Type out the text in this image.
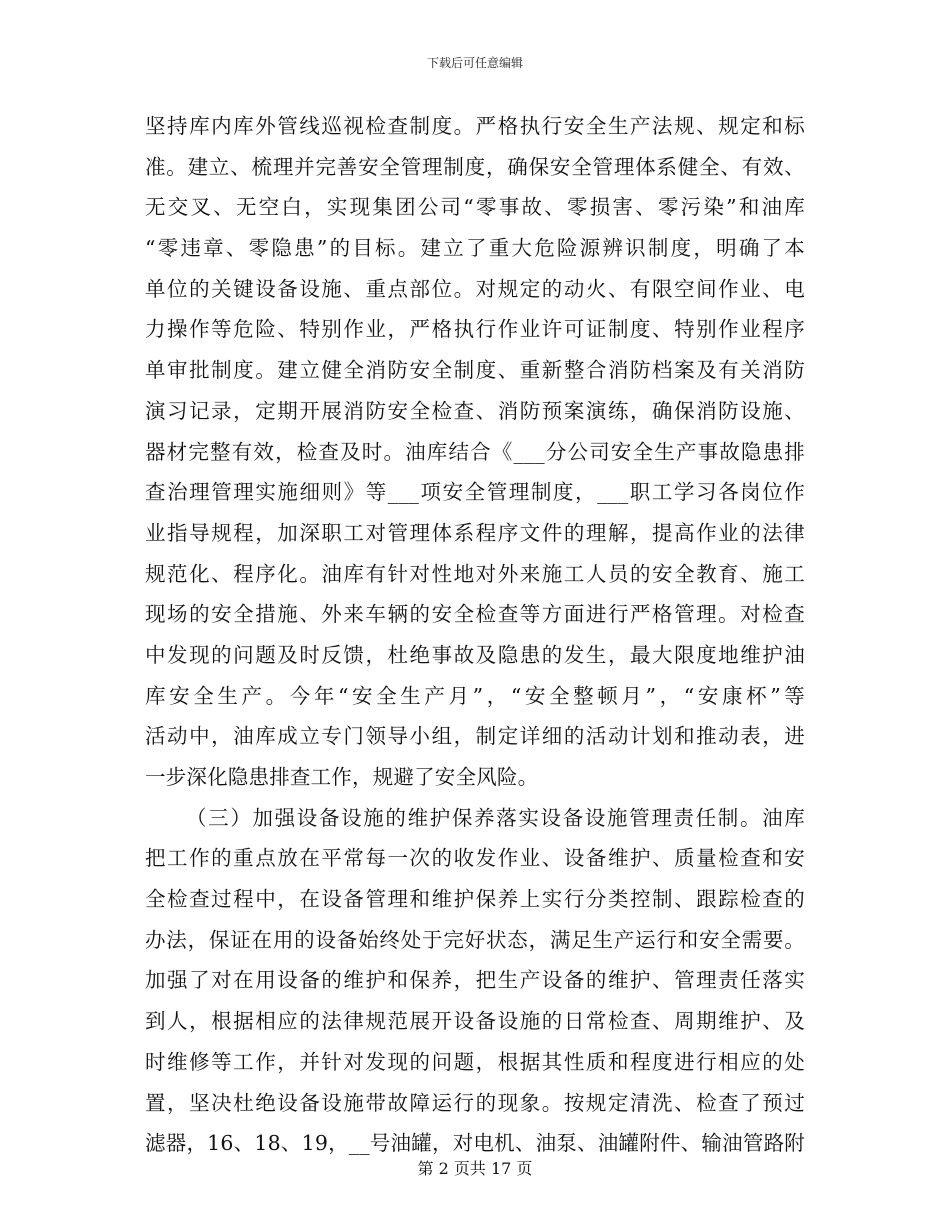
下载后可任意编辑
坚持库内库外管线巡视检查制度。严格执行安全生产法规、规定和标
准。建立、梳理并完善安全管理制度，确保安全管理体系健全、有效、
无交叉、无空白，实现集团公司“零事故、零损害、零污染”和油库
“零违章、零隐患”的目标。建立了重大危险源辨识制度，明确了本
单位的关键设备设施、重点部位。对规定的动火、有限空间作业、电
力操作等危险、特别作业，严格执行作业许可证制度、特别作业程序
单审批制度。建立健全消防安全制度、重新整合消防档案及有关消防
演习记录，定期开展消防安全检查、消防预案演练，确保消防设施、
器材完整有效，检查及时。油库结合《___分公司安全生产事故隐患排
查治理管理实施细则》等___项安全管理制度，___职工学习各岗位作
业指导规程，加深职工对管理体系程序文件的理解，提高作业的法律
规范化、程序化。油库有针对性地对外来施工人员的安全教育、施工
现场的安全措施、外来车辆的安全检查等方面进行严格管理。对检查
中发现的问题及时反馈，杜绝事故及隐患的发生，最大限度地维护油
库安全生产。今年“安全生产月”，“安全整顿月”，“安康杯”等
活动中，油库成立专门领导小组，制定详细的活动计划和推动表，进
一步深化隐患排查工作，规避了安全风险。
（三）加强设备设施的维护保养落实设备设施管理责任制。油库
把工作的重点放在平常每一次的收发作业、设备维护、质量检查和安
全检查过程中，在设备管理和维护保养上实行分类控制、跟踪检查的
办法，保证在用的设备始终处于完好状态，满足生产运行和安全需要。
加强了对在用设备的维护和保养，把生产设备的维护、管理责任落实
到人，根据相应的法律规范展开设备设施的日常检查、周期维护、及
时维修等工作，并针对发现的问题，根据其性质和程度进行相应的处
置，坚决杜绝设备设施带故障运行的现象。按规定清洗、检查了预过
滤器，16、18、19，__号油罐，对电机、油泵、油罐附件、输油管路附
第 2 页共 17 页
